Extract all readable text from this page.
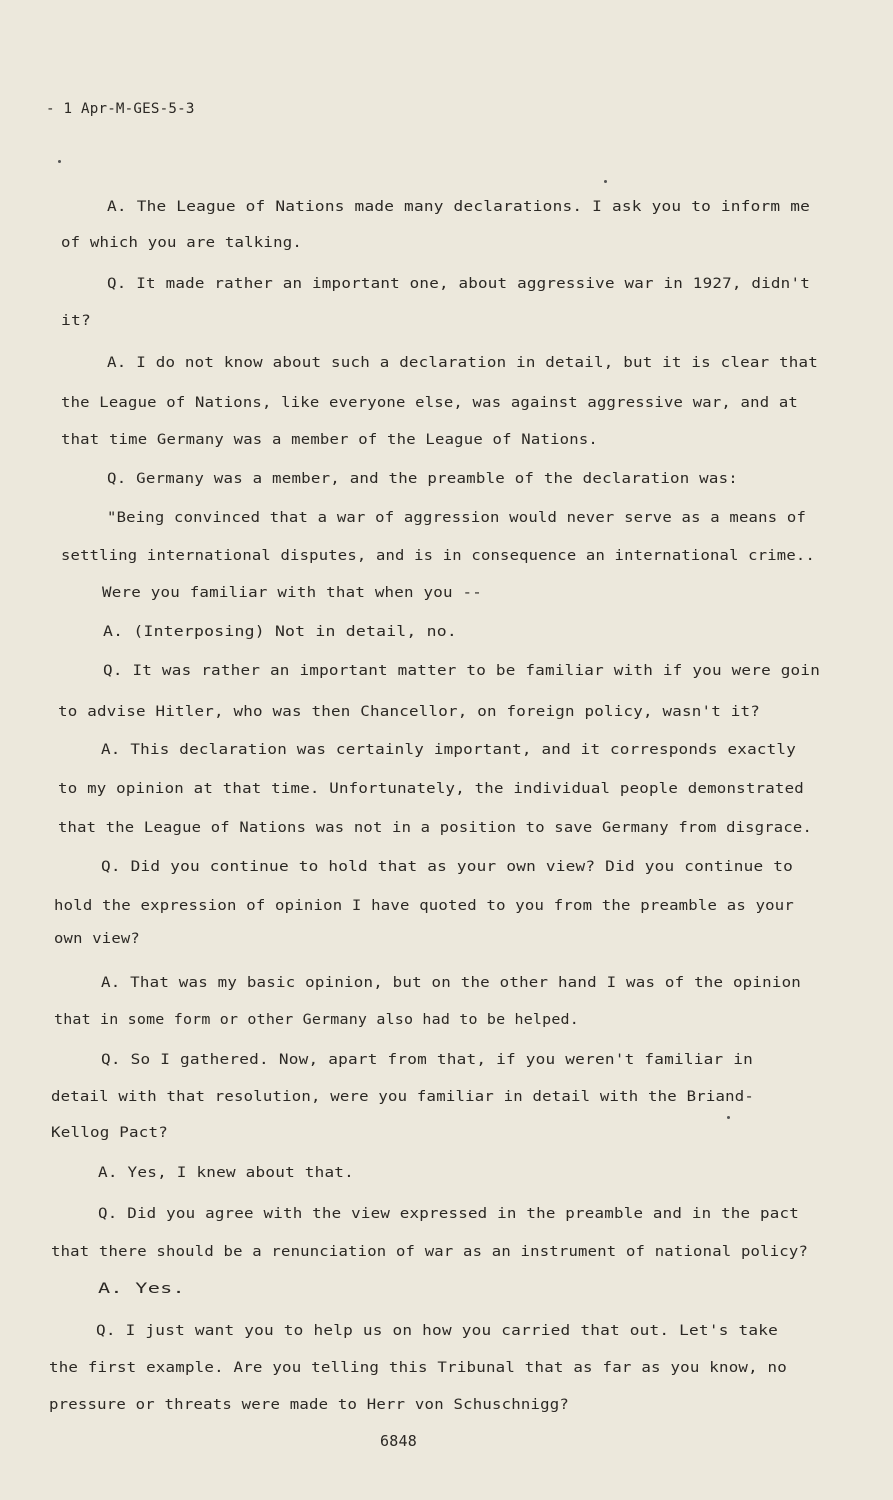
- 1 Apr-M-GES-5-3
A. The League of Nations made many declarations. I ask you to inform me
of which you are talking.
Q. It made rather an important one, about aggressive war in 1927, didn't
it?
A. I do not know about such a declaration in detail, but it is clear that
the League of Nations, like everyone else, was against aggressive war, and at
that time Germany was a member of the League of Nations.
Q. Germany was a member, and the preamble of the declaration was:
"Being convinced that a war of aggression would never serve as a means of
settling international disputes, and is in consequence an international crime..
Were you familiar with that when you --
A. (Interposing) Not in detail, no.
Q. It was rather an important matter to be familiar with if you were goin
to advise Hitler, who was then Chancellor, on foreign policy, wasn't it?
A. This declaration was certainly important, and it corresponds exactly
to my opinion at that time. Unfortunately, the individual people demonstrated
that the League of Nations was not in a position to save Germany from disgrace.
Q. Did you continue to hold that as your own view? Did you continue to
hold the expression of opinion I have quoted to you from the preamble as your
own view?
A. That was my basic opinion, but on the other hand I was of the opinion
that in some form or other Germany also had to be helped.
Q. So I gathered. Now, apart from that, if you weren't familiar in
detail with that resolution, were you familiar in detail with the Briand-
Kellog Pact?
A. Yes, I knew about that.
Q. Did you agree with the view expressed in the preamble and in the pact
that there should be a renunciation of war as an instrument of national policy?
A. Yes.
Q. I just want you to help us on how you carried that out. Let's take
the first example. Are you telling this Tribunal that as far as you know, no
pressure or threats were made to Herr von Schuschnigg?
6848
